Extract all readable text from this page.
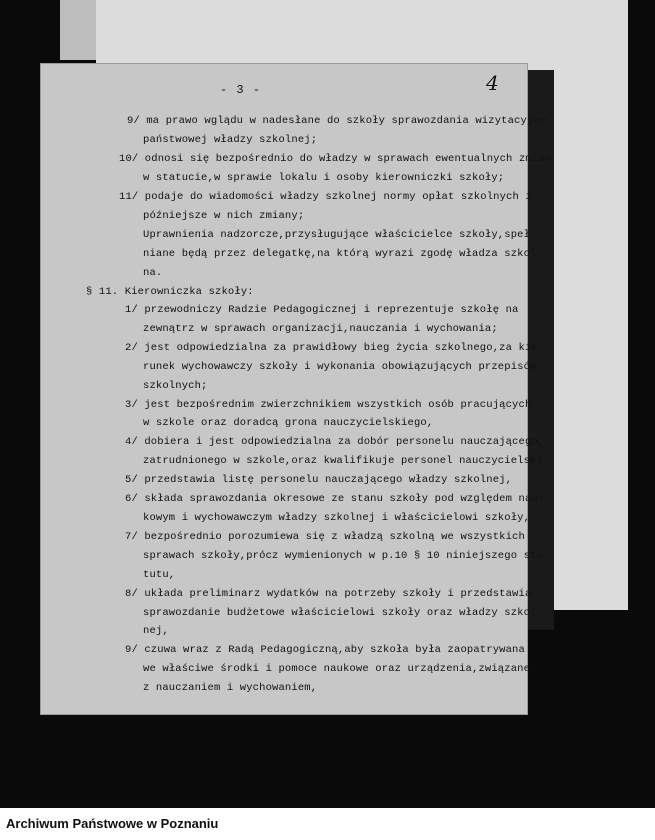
- 3 -	4
9/ ma prawo wglądu w nadesłane do szkoły sprawozdania wizytacyjne
państwowej władzy szkolnej;
10/ odnosi się bezpośrednio do władzy w sprawach ewentualnych zmian
w statucie,w sprawie lokalu i osoby kierowniczki szkoły;
11/ podaje do wiadomości władzy szkolnej normy opłat szkolnych i
późniejsze w nich zmiany;
Uprawnienia nadzorcze,przysługujące właścicielce szkoły,speł-
niane będą przez delegatkę,na którą wyrazi zgodę władza szkol-
na.
§ 11. Kierowniczka szkoły:
1/ przewodniczy Radzie Pedagogicznej i reprezentuje szkołę na
zewnątrz w sprawach organizacji,nauczania i wychowania;
2/ jest odpowiedzialna za prawidłowy bieg życia szkolnego,za kie-
runek wychowawczy szkoły i wykonania obowiązujących przepisów
szkolnych;
3/ jest bezpośrednim zwierzchnikiem wszystkich osób pracujących
w szkole oraz doradcą grona nauczycielskiego,
4/ dobiera i jest odpowiedzialna za dobór personelu nauczającego,
zatrudnionego w szkole,oraz kwalifikuje personel nauczycielski,
5/ przedstawia listę personelu nauczającego władzy szkolnej,
6/ składa sprawozdania okresowe ze stanu szkoły pod względem nau-
kowym i wychowawczym władzy szkolnej i właścicielowi szkoły,
7/ bezpośrednio porozumiewa się z władzą szkolną we wszystkich
sprawach szkoły,prócz wymienionych w p.10 § 10 niniejszego sta-
tutu,
8/ układa preliminarz wydatków na potrzeby szkoły i przedstawia
sprawozdanie budżetowe właścicielowi szkoły oraz władzy szkol-
nej,
9/ czuwa wraz z Radą Pedagogiczną,aby szkoła była zaopatrywana
we właściwe środki i pomoce naukowe oraz urządzenia,związane
z nauczaniem i wychowaniem,
Archiwum Państwowe w Poznaniu
